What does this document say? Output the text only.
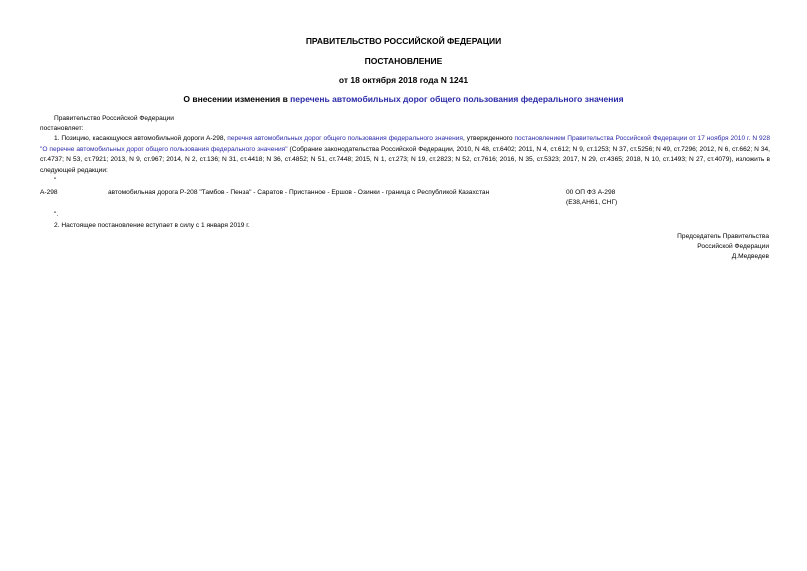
ПРАВИТЕЛЬСТВО РОССИЙСКОЙ ФЕДЕРАЦИИ
ПОСТАНОВЛЕНИЕ
от 18 октября 2018 года N 1241
О внесении изменения в перечень автомобильных дорог общего пользования федерального значения
Правительство Российской Федерации
постановляет:
1. Позицию, касающуюся автомобильной дороги А-298, перечня автомобильных дорог общего пользования федерального значения, утвержденного постановлением Правительства Российской Федерации от 17 ноября 2010 г. N 928 "О перечне автомобильных дорог общего пользования федерального значения" (Собрание законодательства Российской Федерации, 2010, N 48, ст.6402; 2011, N 4, ст.612; N 9, ст.1253; N 37, ст.5256; N 49, ст.7296; 2012, N 6, ст.662; N 34, ст.4737; N 53, ст.7921; 2013, N 9, ст.967; 2014, N 2, ст.136; N 31, ст.4418; N 36, ст.4852; N 51, ст.7448; 2015, N 1, ст.273; N 19, ст.2823; N 52, ст.7616; 2016, N 35, ст.5323; 2017, N 29, ст.4365; 2018, N 10, ст.1493; N 27, ст.4079), изложить в следующей редакции:
"
А-298	автомобильная дорога Р-208 "Тамбов - Пенза" - Саратов - Пристанное - Ершов - Озинки - граница с Республикой Казахстан	00 ОП ФЗ А-298
(Е38,АН61, СНГ)
".
2. Настоящее постановление вступает в силу с 1 января 2019 г.
Председатель Правительства
Российской Федерации
Д.Медведев
